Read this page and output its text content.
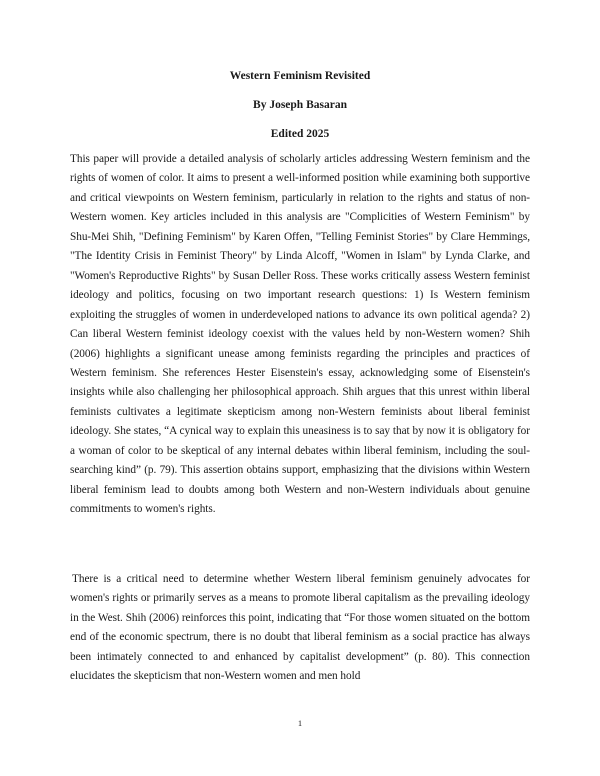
Western Feminism Revisited

By Joseph Basaran

Edited 2025

This paper will provide a detailed analysis of scholarly articles addressing Western feminism and the rights of women of color. It aims to present a well-informed position while examining both supportive and critical viewpoints on Western feminism, particularly in relation to the rights and status of non-Western women. Key articles included in this analysis are "Complicities of Western Feminism" by Shu-Mei Shih, "Defining Feminism" by Karen Offen, "Telling Feminist Stories" by Clare Hemmings, "The Identity Crisis in Feminist Theory" by Linda Alcoff, "Women in Islam" by Lynda Clarke, and "Women's Reproductive Rights" by Susan Deller Ross. These works critically assess Western feminist ideology and politics, focusing on two important research questions: 1) Is Western feminism exploiting the struggles of women in underdeveloped nations to advance its own political agenda? 2) Can liberal Western feminist ideology coexist with the values held by non-Western women? Shih (2006) highlights a significant unease among feminists regarding the principles and practices of Western feminism. She references Hester Eisenstein's essay, acknowledging some of Eisenstein's insights while also challenging her philosophical approach. Shih argues that this unrest within liberal feminists cultivates a legitimate skepticism among non-Western feminists about liberal feminist ideology. She states, “A cynical way to explain this uneasiness is to say that by now it is obligatory for a woman of color to be skeptical of any internal debates within liberal feminism, including the soul-searching kind” (p. 79). This assertion obtains support, emphasizing that the divisions within Western liberal feminism lead to doubts among both Western and non-Western individuals about genuine commitments to women's rights.

There is a critical need to determine whether Western liberal feminism genuinely advocates for women's rights or primarily serves as a means to promote liberal capitalism as the prevailing ideology in the West. Shih (2006) reinforces this point, indicating that “For those women situated on the bottom end of the economic spectrum, there is no doubt that liberal feminism as a social practice has always been intimately connected to and enhanced by capitalist development” (p. 80). This connection elucidates the skepticism that non-Western women and men hold

1
